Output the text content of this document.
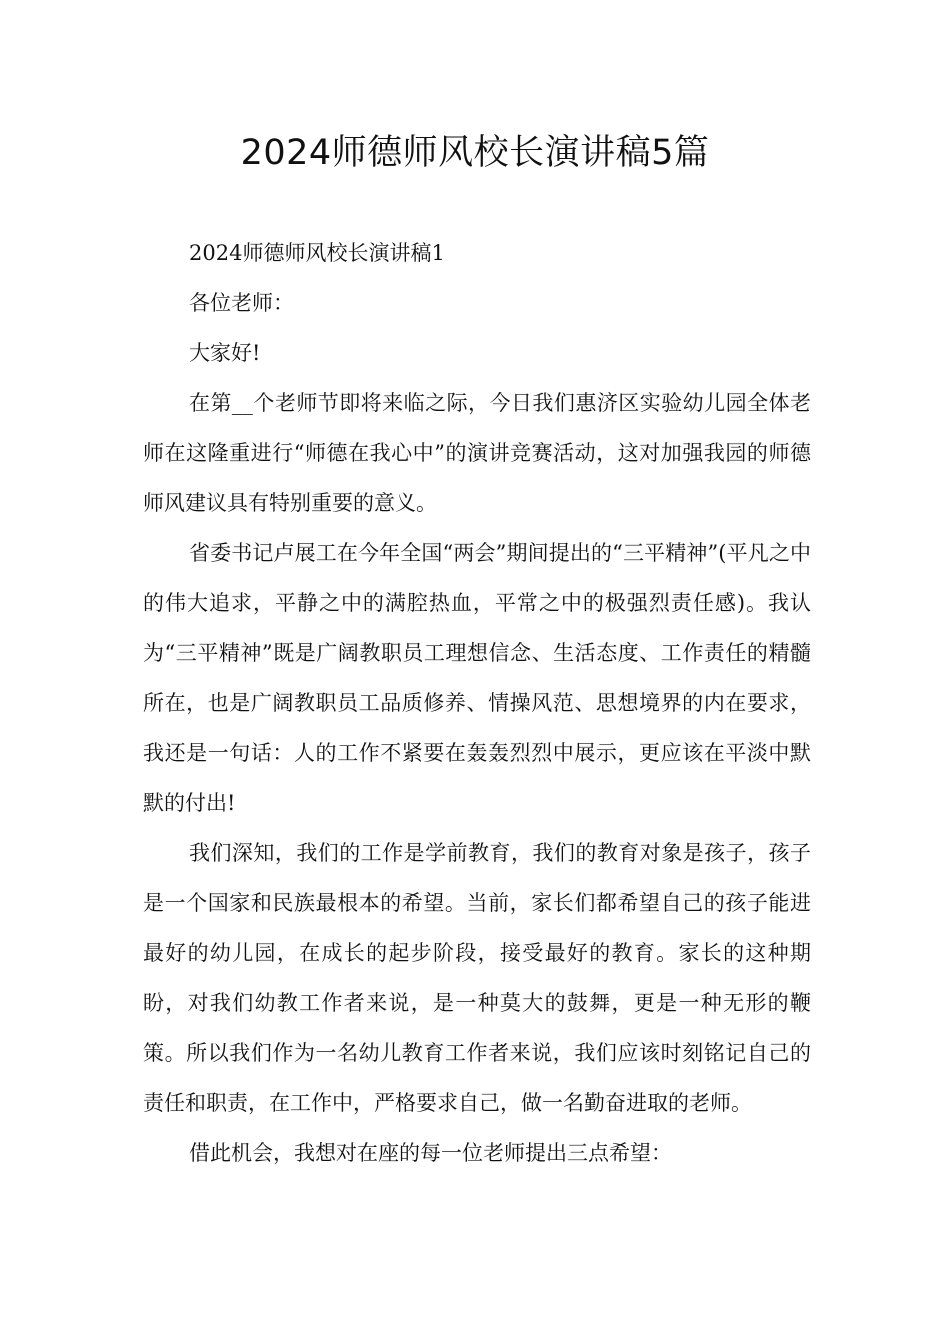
2024师德师风校长演讲稿5篇

2024师德师风校长演讲稿1

各位老师：

大家好!

在第__个老师节即将来临之际，今日我们惠济区实验幼儿园全体老师在这隆重进行“师德在我心中”的演讲竞赛活动，这对加强我园的师德师风建议具有特别重要的意义。

省委书记卢展工在今年全国“两会”期间提出的“三平精神”(平凡之中的伟大追求，平静之中的满腔热血，平常之中的极强烈责任感)。我认为“三平精神”既是广阔教职员工理想信念、生活态度、工作责任的精髓所在，也是广阔教职员工品质修养、情操风范、思想境界的内在要求，我还是一句话：人的工作不紧要在轰轰烈烈中展示，更应该在平淡中默默的付出!

我们深知，我们的工作是学前教育，我们的教育对象是孩子，孩子是一个国家和民族最根本的希望。当前，家长们都希望自己的孩子能进最好的幼儿园，在成长的起步阶段，接受最好的教育。家长的这种期盼，对我们幼教工作者来说，是一种莫大的鼓舞，更是一种无形的鞭策。所以我们作为一名幼儿教育工作者来说，我们应该时刻铭记自己的责任和职责，在工作中，严格要求自己，做一名勤奋进取的老师。

借此机会，我想对在座的每一位老师提出三点希望：
